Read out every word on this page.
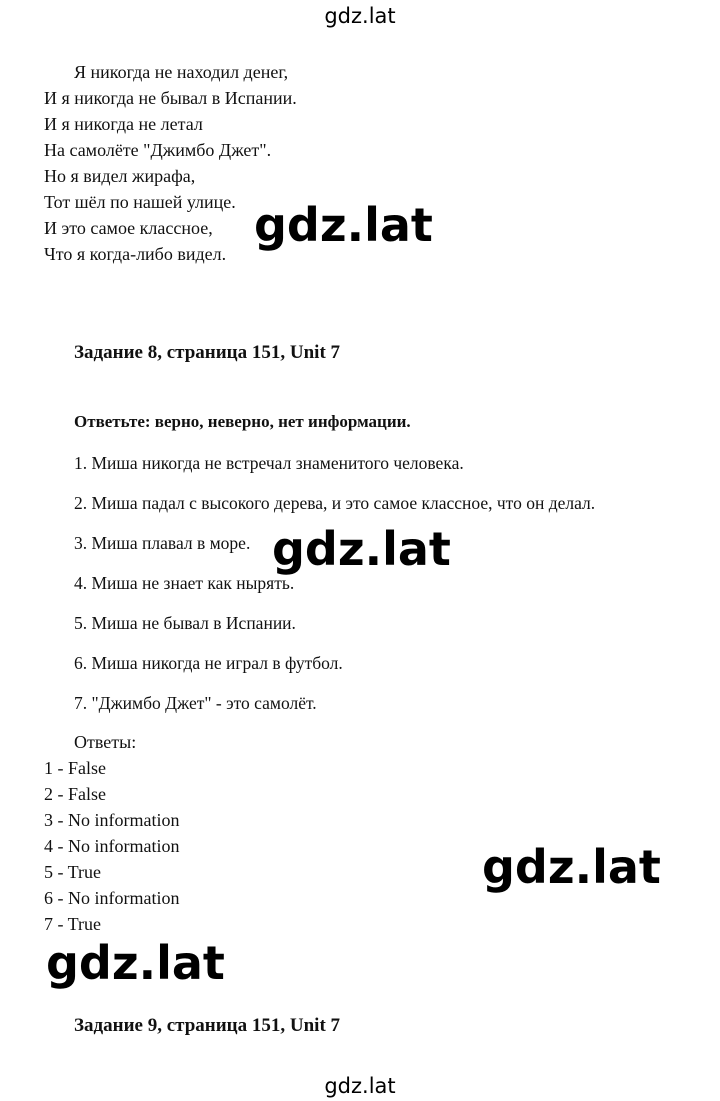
gdz.lat
Я никогда не находил денег,
И я никогда не бывал в Испании.
И я никогда не летал
На самолёте "Джимбо Джет".
Но я видел жирафа,
Тот шёл по нашей улице.
И это самое классное,
Что я когда-либо видел.
Задание 8, страница 151, Unit 7
Ответьте: верно, неверно, нет информации.
1. Миша никогда не встречал знаменитого человека.
2. Миша падал с высокого дерева, и это самое классное, что он делал.
3. Миша плавал в море.
4. Миша не знает как нырять.
5. Миша не бывал в Испании.
6. Миша никогда не играл в футбол.
7. "Джимбо Джет" - это самолёт.
Ответы:
1 - False
2 - False
3 - No information
4 - No information
5 - True
6 - No information
7 - True
Задание 9, страница 151, Unit 7
gdz.lat
gdz.lat
gdz.lat
gdz.lat
gdz.lat
